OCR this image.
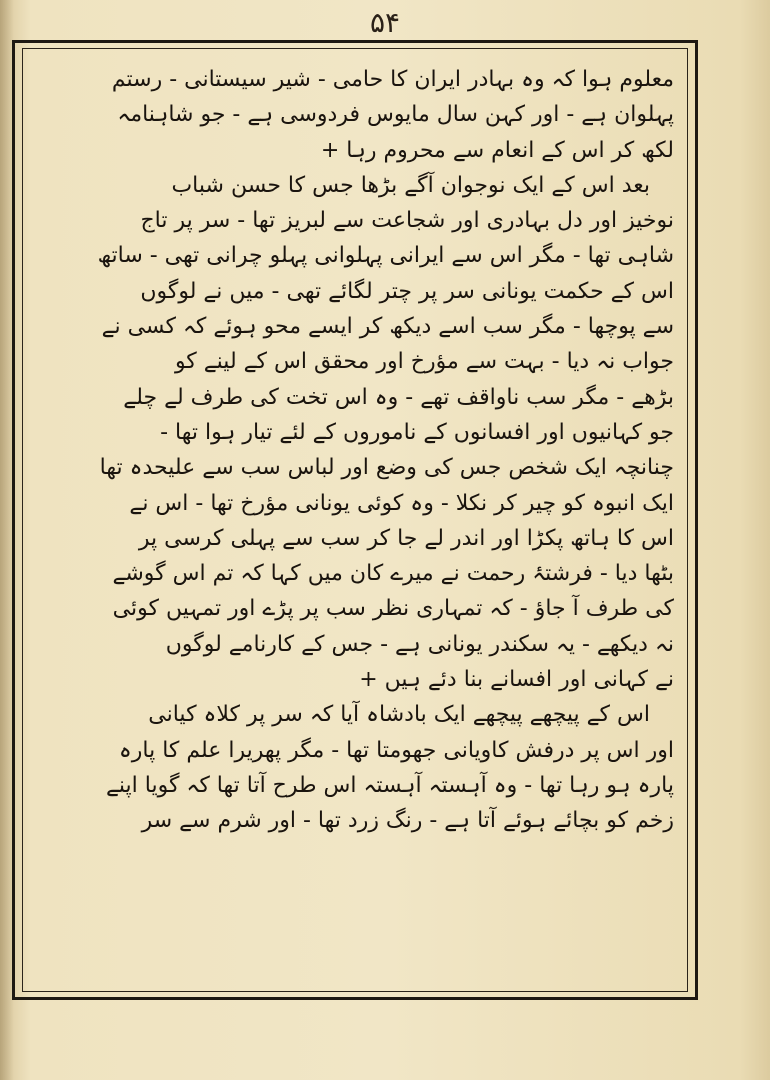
۵۴
معلوم ہوا کہ وہ بہادر ایران کا حامی - شیر سیستانی - رستم
پہلوان ہے - اور کہن سال مایوس فردوسی ہے - جو شاہنامہ
لکھ کر اس کے انعام سے محروم رہا +
بعد اس کے ایک نوجوان آگے بڑھا جس کا حسن شباب
نوخیز اور دل بہادری اور شجاعت سے لبریز تھا - سر پر تاج
شاہی تھا - مگر اس سے ایرانی پہلوانی پہلو چرانی تھی - ساتھ
اس کے حکمت یونانی سر پر چتر لگائے تھی - میں نے لوگوں
سے پوچھا - مگر سب اسے دیکھ کر ایسے محو ہوئے کہ کسی نے
جواب نہ دیا - بہت سے مؤرخ اور محقق اس کے لینے کو
بڑھے - مگر سب ناواقف تھے - وہ اس تخت کی طرف لے چلے
جو کہانیوں اور افسانوں کے ناموروں کے لئے تیار ہوا تھا -
چنانچہ ایک شخص جس کی وضع اور لباس سب سے علیحدہ تھا
ایک انبوہ کو چیر کر نکلا - وہ کوئی یونانی مؤرخ تھا - اس نے
اس کا ہاتھ پکڑا اور اندر لے جا کر سب سے پہلی کرسی پر
بٹھا دیا - فرشتۂ رحمت نے میرے کان میں کہا کہ تم اس گوشے
کی طرف آ جاؤ - کہ تمہاری نظر سب پر پڑے اور تمہیں کوئی
نہ دیکھے - یہ سکندر یونانی ہے - جس کے کارنامے لوگوں
نے کہانی اور افسانے بنا دئے ہیں +
اس کے پیچھے پیچھے ایک بادشاہ آیا کہ سر پر کلاہ کیانی
اور اس پر درفش کاویانی جھومتا تھا - مگر پھریرا علم کا پارہ
پارہ ہو رہا تھا - وہ آہستہ آہستہ اس طرح آتا تھا کہ گویا اپنے
زخم کو بچائے ہوئے آتا ہے - رنگ زرد تھا - اور شرم سے سر
